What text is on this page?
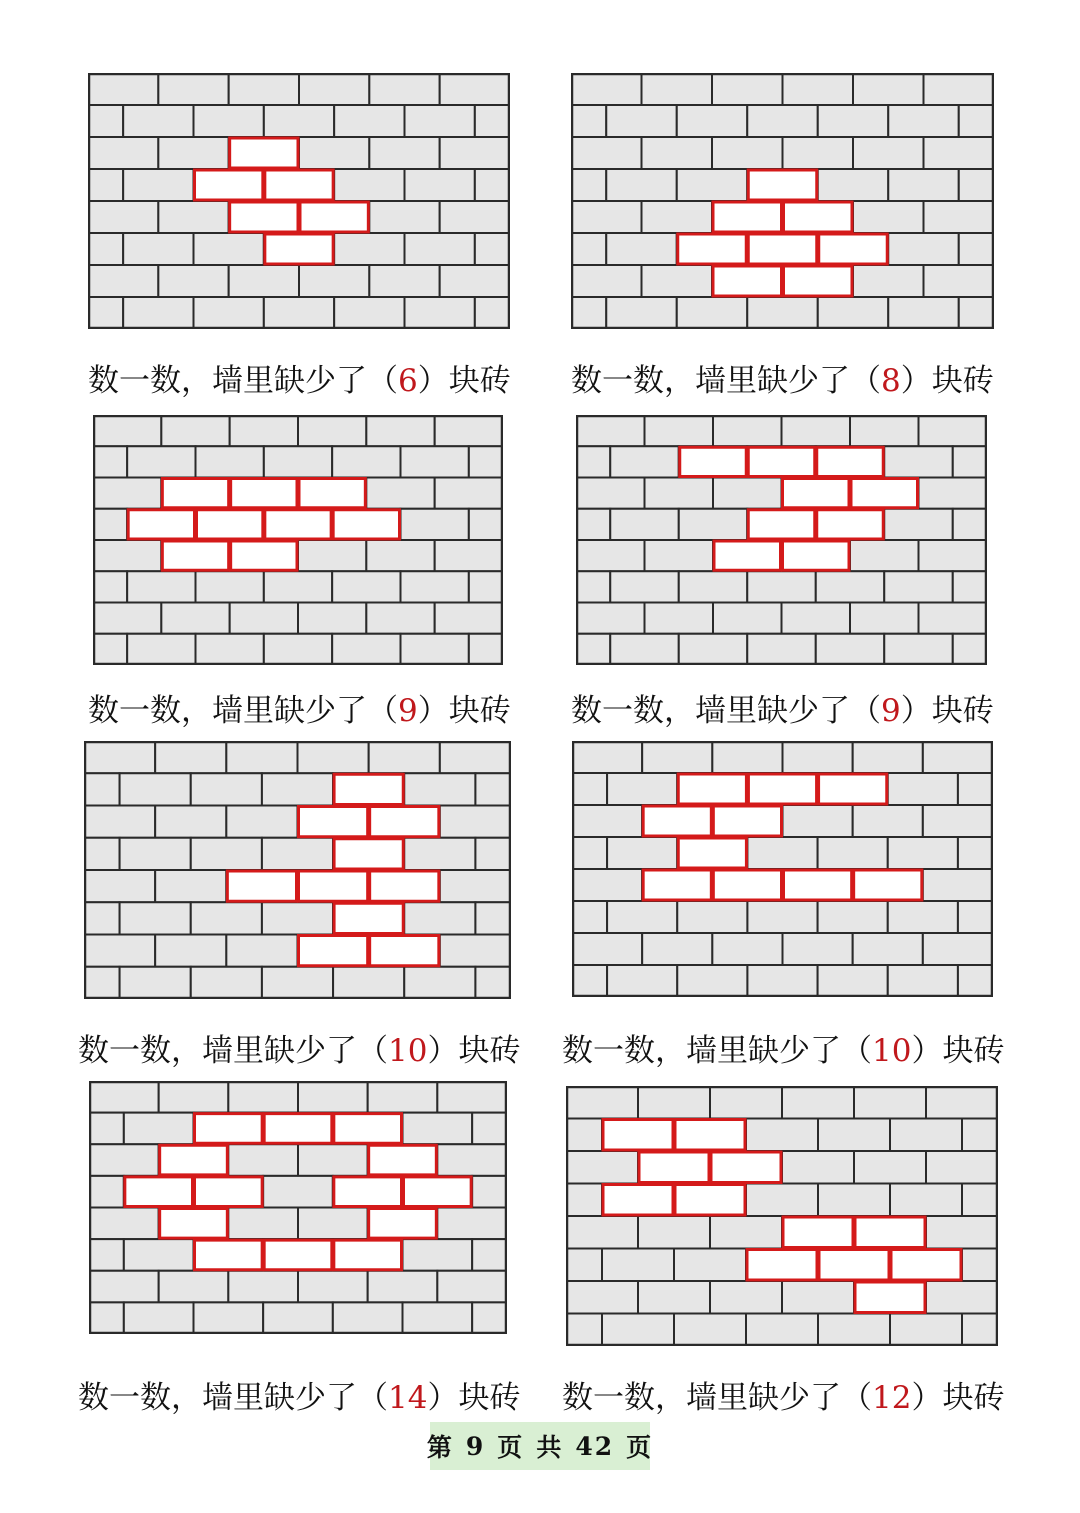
数一数，墙里缺少了（6）块砖 数一数，墙里缺少了（8）块砖
数一数，墙里缺少了（9）块砖 数一数，墙里缺少了（9）块砖
数一数，墙里缺少了（10）块砖 数一数，墙里缺少了（10）块砖
数一数，墙里缺少了（14）块砖 数一数，墙里缺少了（12）块砖
第 9 页 共 42 页
